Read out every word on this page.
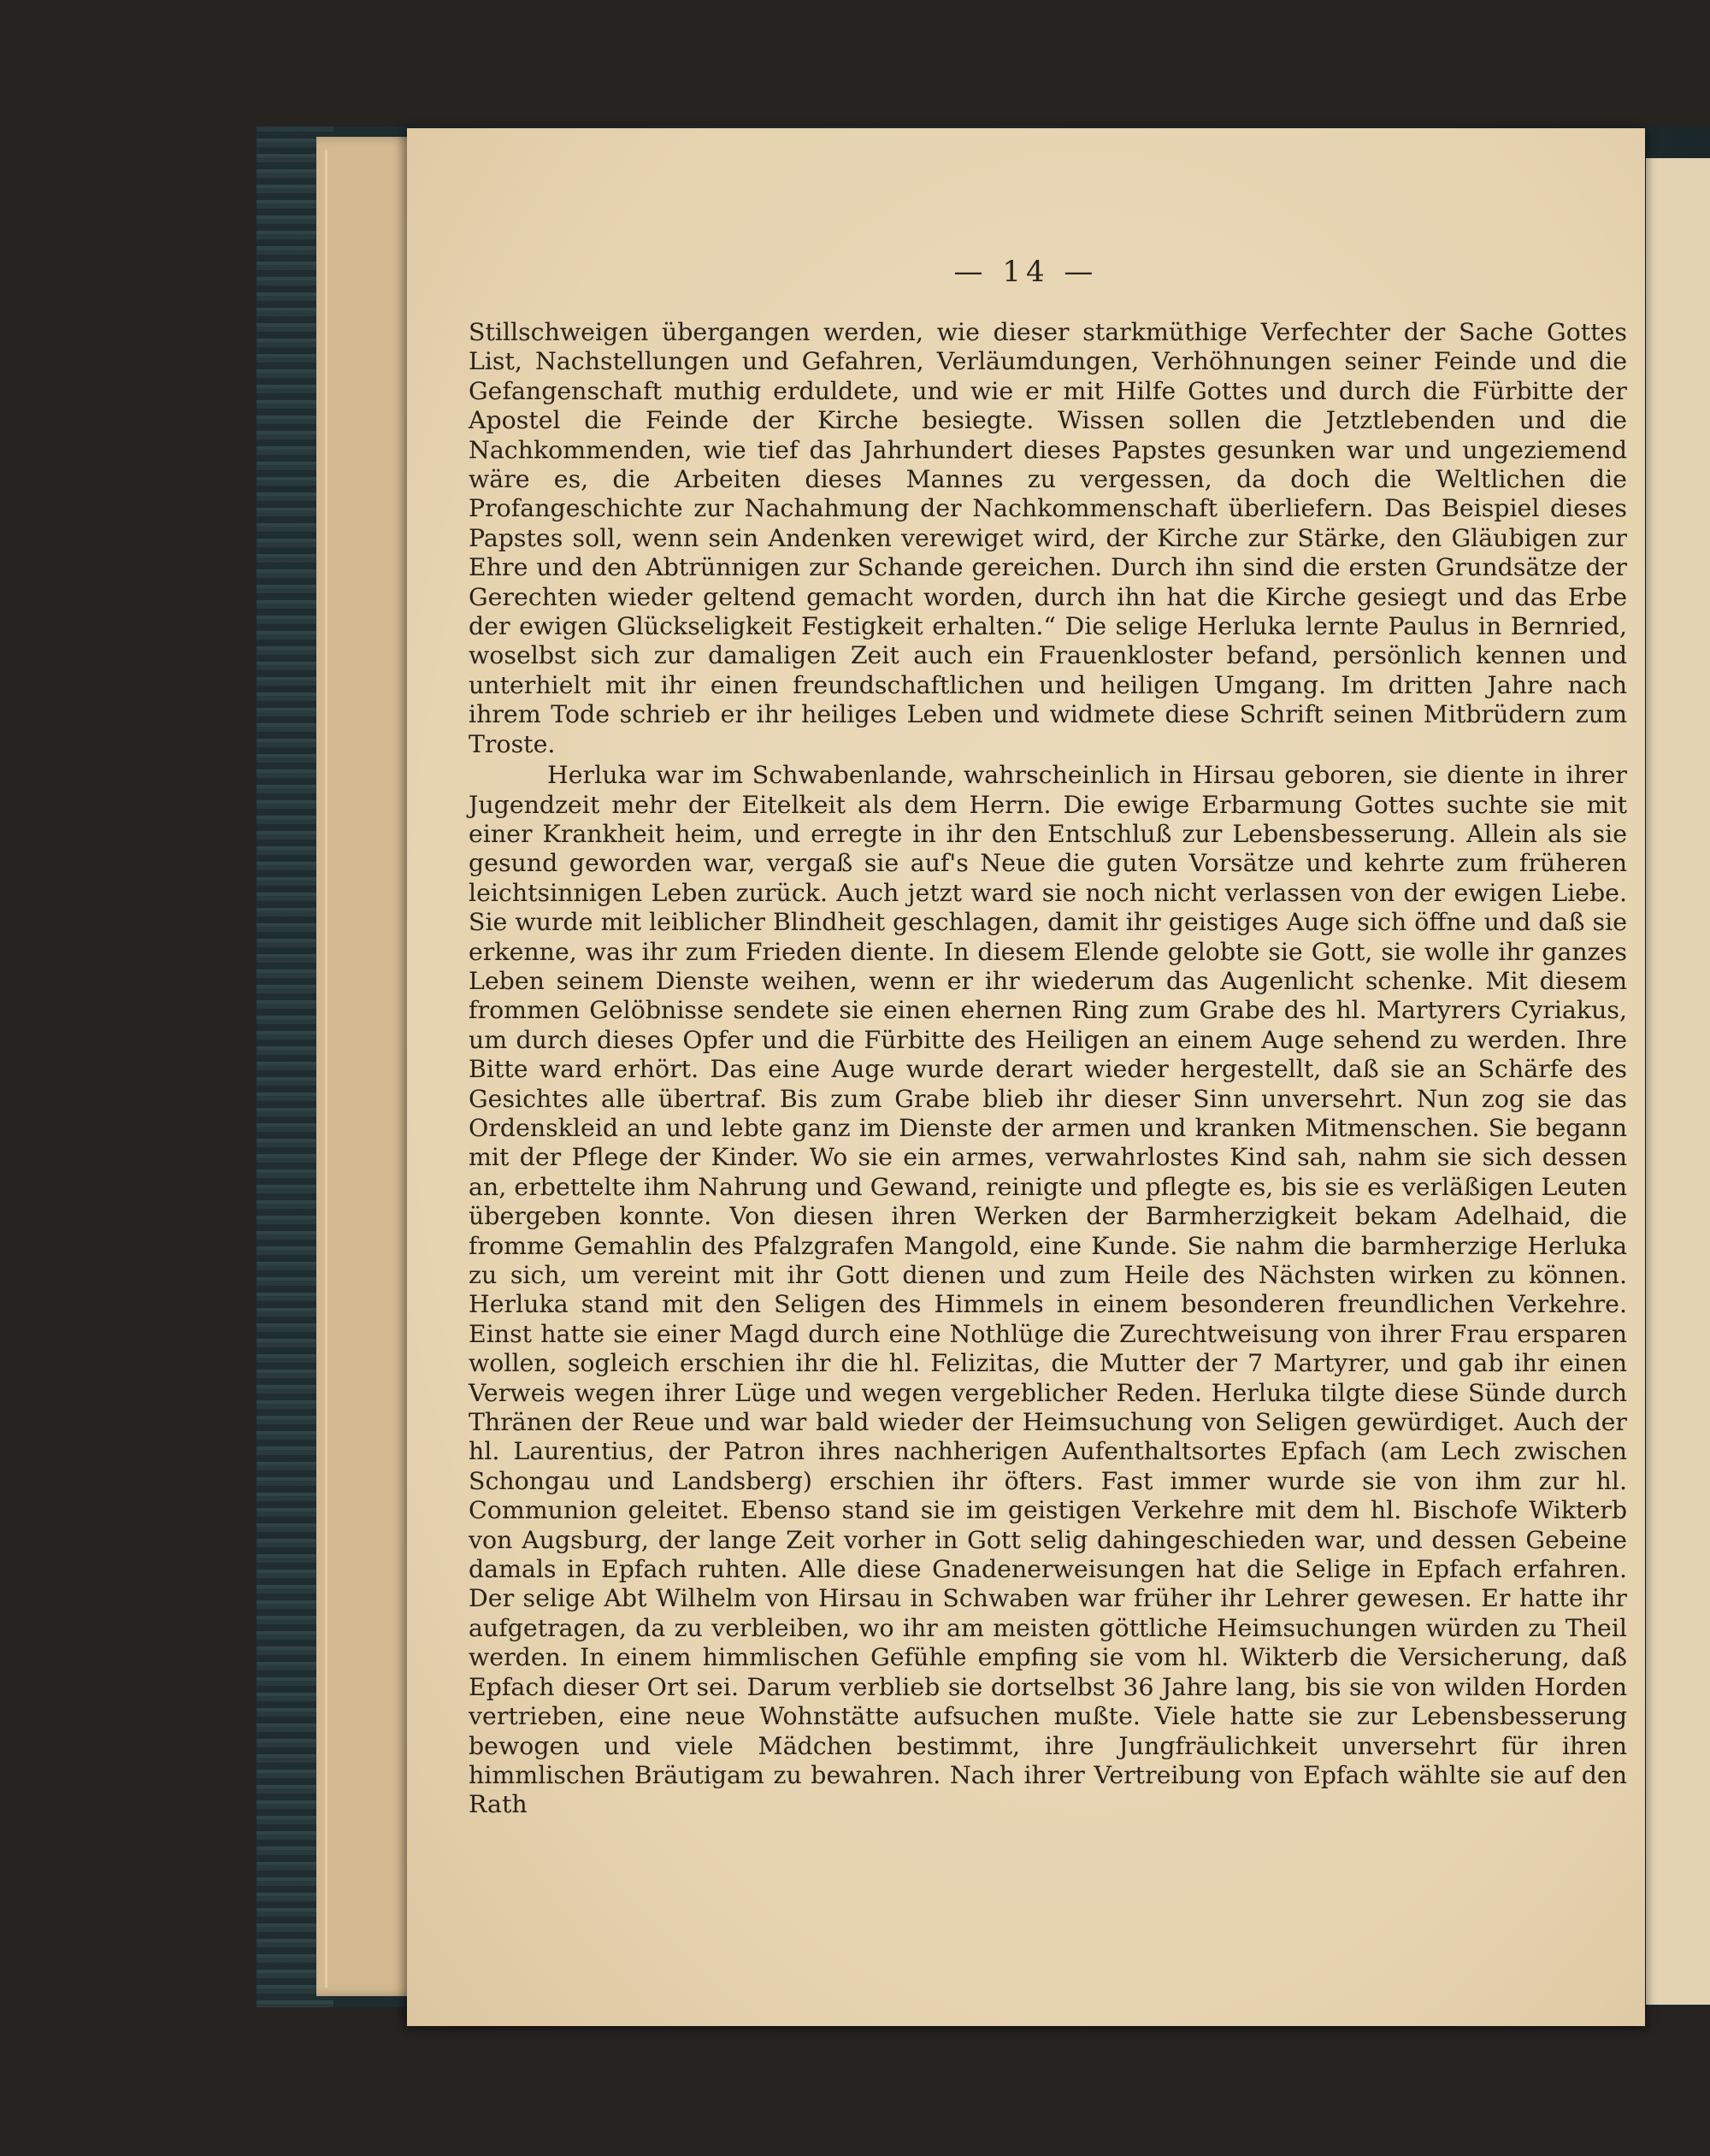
— 14 —

Stillschweigen übergangen werden, wie dieser starkmüthige Verfechter der Sache Gottes List, Nachstellungen und Gefahren, Verläumdungen, Verhöhnungen seiner Feinde und die Gefangenschaft muthig erduldete, und wie er mit Hilfe Gottes und durch die Fürbitte der Apostel die Feinde der Kirche besiegte. Wissen sollen die Jetztlebenden und die Nachkommenden, wie tief das Jahrhundert dieses Papstes gesunken war und ungeziemend wäre es, die Arbeiten dieses Mannes zu vergessen, da doch die Weltlichen die Profangeschichte zur Nachahmung der Nachkommenschaft überliefern. Das Beispiel dieses Papstes soll, wenn sein Andenken verewiget wird, der Kirche zur Stärke, den Gläubigen zur Ehre und den Abtrünnigen zur Schande gereichen. Durch ihn sind die ersten Grundsätze der Gerechten wieder geltend gemacht worden, durch ihn hat die Kirche gesiegt und das Erbe der ewigen Glückseligkeit Festigkeit erhalten.“ Die selige Herluka lernte Paulus in Bernried, woselbst sich zur damaligen Zeit auch ein Frauenkloster befand, persönlich kennen und unterhielt mit ihr einen freundschaftlichen und heiligen Umgang. Im dritten Jahre nach ihrem Tode schrieb er ihr heiliges Leben und widmete diese Schrift seinen Mitbrüdern zum Troste.

Herluka war im Schwabenlande, wahrscheinlich in Hirsau geboren, sie diente in ihrer Jugendzeit mehr der Eitelkeit als dem Herrn. Die ewige Erbarmung Gottes suchte sie mit einer Krankheit heim, und erregte in ihr den Entschluß zur Lebensbesserung. Allein als sie gesund geworden war, vergaß sie auf's Neue die guten Vorsätze und kehrte zum früheren leichtsinnigen Leben zurück. Auch jetzt ward sie noch nicht verlassen von der ewigen Liebe. Sie wurde mit leiblicher Blindheit geschlagen, damit ihr geistiges Auge sich öffne und daß sie erkenne, was ihr zum Frieden diente. In diesem Elende gelobte sie Gott, sie wolle ihr ganzes Leben seinem Dienste weihen, wenn er ihr wiederum das Augenlicht schenke. Mit diesem frommen Gelöbnisse sendete sie einen ehernen Ring zum Grabe des hl. Martyrers Cyriakus, um durch dieses Opfer und die Fürbitte des Heiligen an einem Auge sehend zu werden. Ihre Bitte ward erhört. Das eine Auge wurde derart wieder hergestellt, daß sie an Schärfe des Gesichtes alle übertraf. Bis zum Grabe blieb ihr dieser Sinn unversehrt. Nun zog sie das Ordenskleid an und lebte ganz im Dienste der armen und kranken Mitmenschen. Sie begann mit der Pflege der Kinder. Wo sie ein armes, verwahrlostes Kind sah, nahm sie sich dessen an, erbettelte ihm Nahrung und Gewand, reinigte und pflegte es, bis sie es verläßigen Leuten übergeben konnte. Von diesen ihren Werken der Barmherzigkeit bekam Adelhaid, die fromme Gemahlin des Pfalzgrafen Mangold, eine Kunde. Sie nahm die barmherzige Herluka zu sich, um vereint mit ihr Gott dienen und zum Heile des Nächsten wirken zu können. Herluka stand mit den Seligen des Himmels in einem besonderen freundlichen Verkehre. Einst hatte sie einer Magd durch eine Nothlüge die Zurechtweisung von ihrer Frau ersparen wollen, sogleich erschien ihr die hl. Felizitas, die Mutter der 7 Martyrer, und gab ihr einen Verweis wegen ihrer Lüge und wegen vergeblicher Reden. Herluka tilgte diese Sünde durch Thränen der Reue und war bald wieder der Heimsuchung von Seligen gewürdiget. Auch der hl. Laurentius, der Patron ihres nachherigen Aufenthaltsortes Epfach (am Lech zwischen Schongau und Landsberg) erschien ihr öfters. Fast immer wurde sie von ihm zur hl. Communion geleitet. Ebenso stand sie im geistigen Verkehre mit dem hl. Bischofe Wikterb von Augsburg, der lange Zeit vorher in Gott selig dahingeschieden war, und dessen Gebeine damals in Epfach ruhten. Alle diese Gnadenerweisungen hat die Selige in Epfach erfahren. Der selige Abt Wilhelm von Hirsau in Schwaben war früher ihr Lehrer gewesen. Er hatte ihr aufgetragen, da zu verbleiben, wo ihr am meisten göttliche Heimsuchungen würden zu Theil werden. In einem himmlischen Gefühle empfing sie vom hl. Wikterb die Versicherung, daß Epfach dieser Ort sei. Darum verblieb sie dortselbst 36 Jahre lang, bis sie von wilden Horden vertrieben, eine neue Wohnstätte aufsuchen mußte. Viele hatte sie zur Lebensbesserung bewogen und viele Mädchen bestimmt, ihre Jungfräulichkeit unversehrt für ihren himmlischen Bräutigam zu bewahren. Nach ihrer Vertreibung von Epfach wählte sie auf den Rath
